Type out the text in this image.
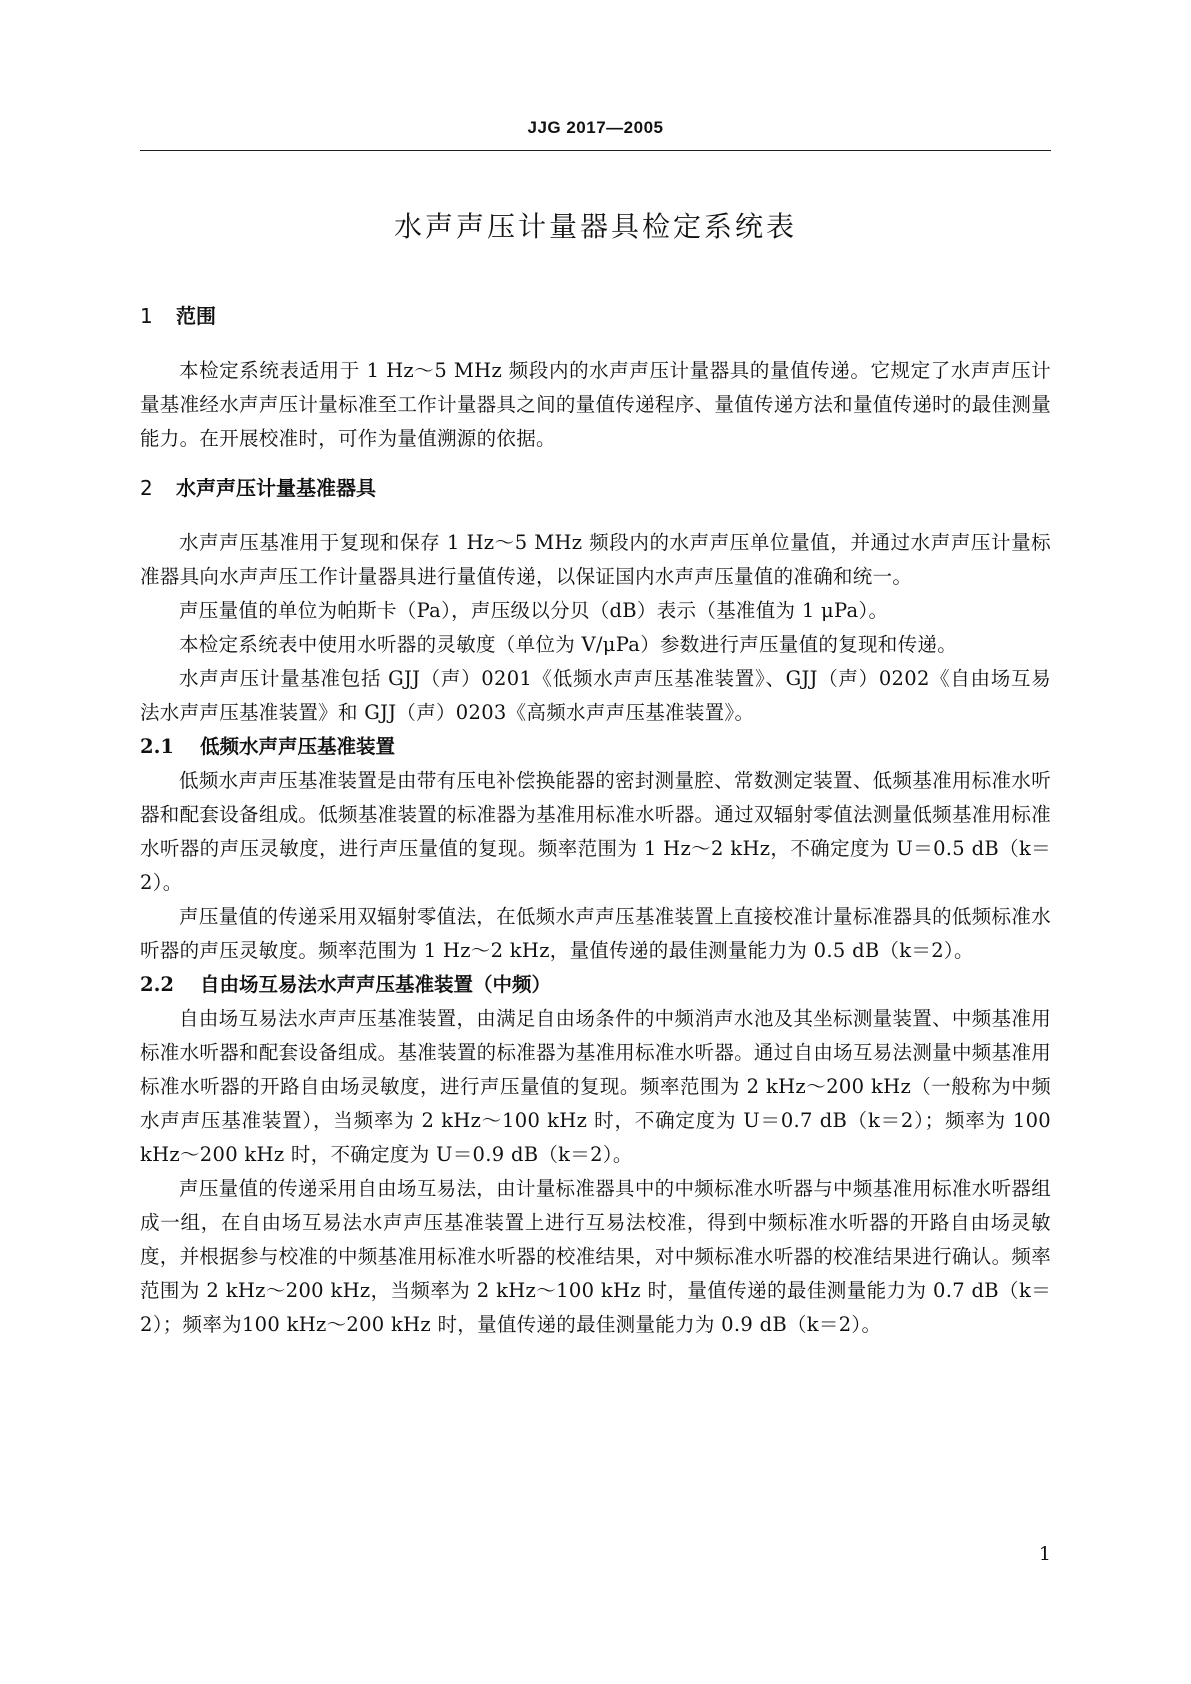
JJG 2017—2005
水声声压计量器具检定系统表
1 范围

本检定系统表适用于 1 Hz～5 MHz 频段内的水声声压计量器具的量值传递。它规定了水声声压计量基准经水声声压计量标准至工作计量器具之间的量值传递程序、量值传递方法和量值传递时的最佳测量能力。在开展校准时，可作为量值溯源的依据。

2 水声声压计量基准器具

水声声压基准用于复现和保存 1 Hz～5 MHz 频段内的水声声压单位量值，并通过水声声压计量标准器具向水声声压工作计量器具进行量值传递，以保证国内水声声压量值的准确和统一。

声压量值的单位为帕斯卡（Pa），声压级以分贝（dB）表示（基准值为 1 μPa）。

本检定系统表中使用水听器的灵敏度（单位为 V/μPa）参数进行声压量值的复现和传递。

水声声压计量基准包括 GJJ（声）0201《低频水声声压基准装置》、GJJ（声）0202《自由场互易法水声声压基准装置》和 GJJ（声）0203《高频水声声压基准装置》。

2.1 低频水声声压基准装置

低频水声声压基准装置是由带有压电补偿换能器的密封测量腔、常数测定装置、低频基准用标准水听器和配套设备组成。低频基准装置的标准器为基准用标准水听器。通过双辐射零值法测量低频基准用标准水听器的声压灵敏度，进行声压量值的复现。频率范围为 1 Hz～2 kHz，不确定度为 U＝0.5 dB（k＝2）。

声压量值的传递采用双辐射零值法，在低频水声声压基准装置上直接校准计量标准器具的低频标准水听器的声压灵敏度。频率范围为 1 Hz～2 kHz，量值传递的最佳测量能力为 0.5 dB（k＝2）。

2.2 自由场互易法水声声压基准装置（中频）

自由场互易法水声声压基准装置，由满足自由场条件的中频消声水池及其坐标测量装置、中频基准用标准水听器和配套设备组成。基准装置的标准器为基准用标准水听器。通过自由场互易法测量中频基准用标准水听器的开路自由场灵敏度，进行声压量值的复现。频率范围为 2 kHz～200 kHz（一般称为中频水声声压基准装置），当频率为 2 kHz～100 kHz 时，不确定度为 U＝0.7 dB（k＝2）；频率为 100 kHz～200 kHz 时，不确定度为 U＝0.9 dB（k＝2）。

声压量值的传递采用自由场互易法，由计量标准器具中的中频标准水听器与中频基准用标准水听器组成一组，在自由场互易法水声声压基准装置上进行互易法校准，得到中频标准水听器的开路自由场灵敏度，并根据参与校准的中频基准用标准水听器的校准结果，对中频标准水听器的校准结果进行确认。频率范围为 2 kHz～200 kHz，当频率为 2 kHz～100 kHz 时，量值传递的最佳测量能力为 0.7 dB（k＝2）；频率为100 kHz～200 kHz 时，量值传递的最佳测量能力为 0.9 dB（k＝2）。

1
